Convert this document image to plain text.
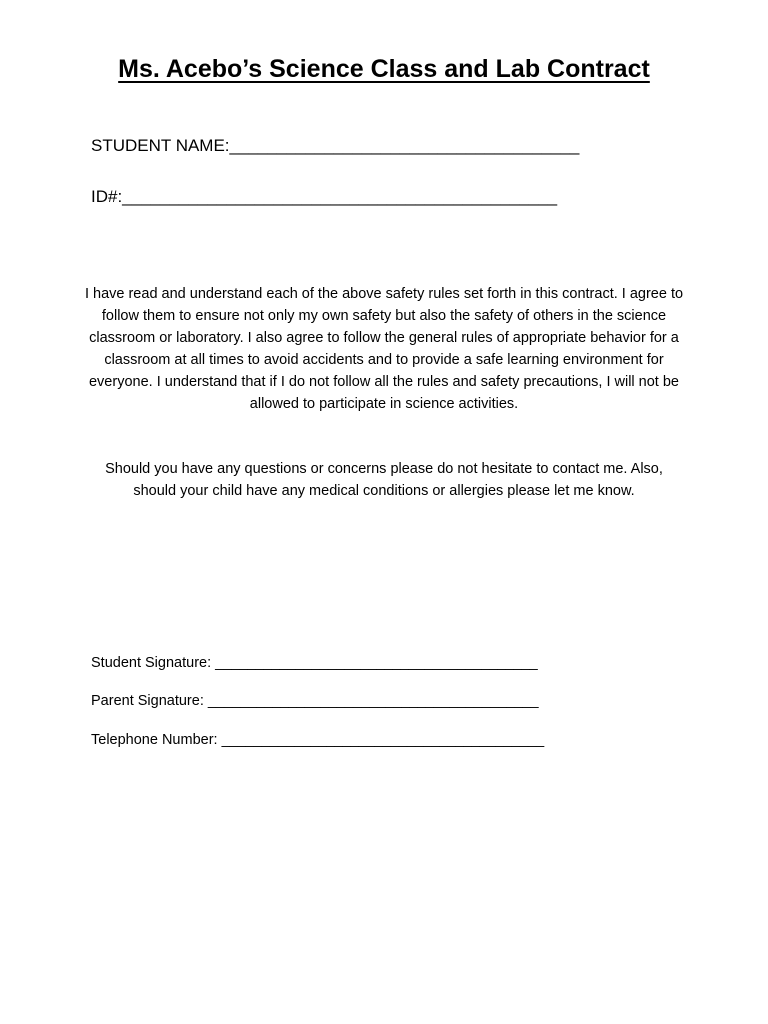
Ms. Acebo’s Science Class and Lab Contract
STUDENT NAME:_____________________________________
ID#:______________________________________________
I have read and understand each of the above safety rules set forth in this contract. I agree to follow them to ensure not only my own safety but also the safety of others in the science classroom or laboratory. I also agree to follow the general rules of appropriate behavior for a classroom at all times to avoid accidents and to provide a safe learning environment for everyone. I understand that if I do not follow all the rules and safety precautions, I will not be allowed to participate in science activities.
Should you have any questions or concerns please do not hesitate to contact me. Also, should your child have any medical conditions or allergies please let me know.
Student Signature: ________________________________________
Parent Signature: _________________________________________
Telephone Number: ________________________________________
